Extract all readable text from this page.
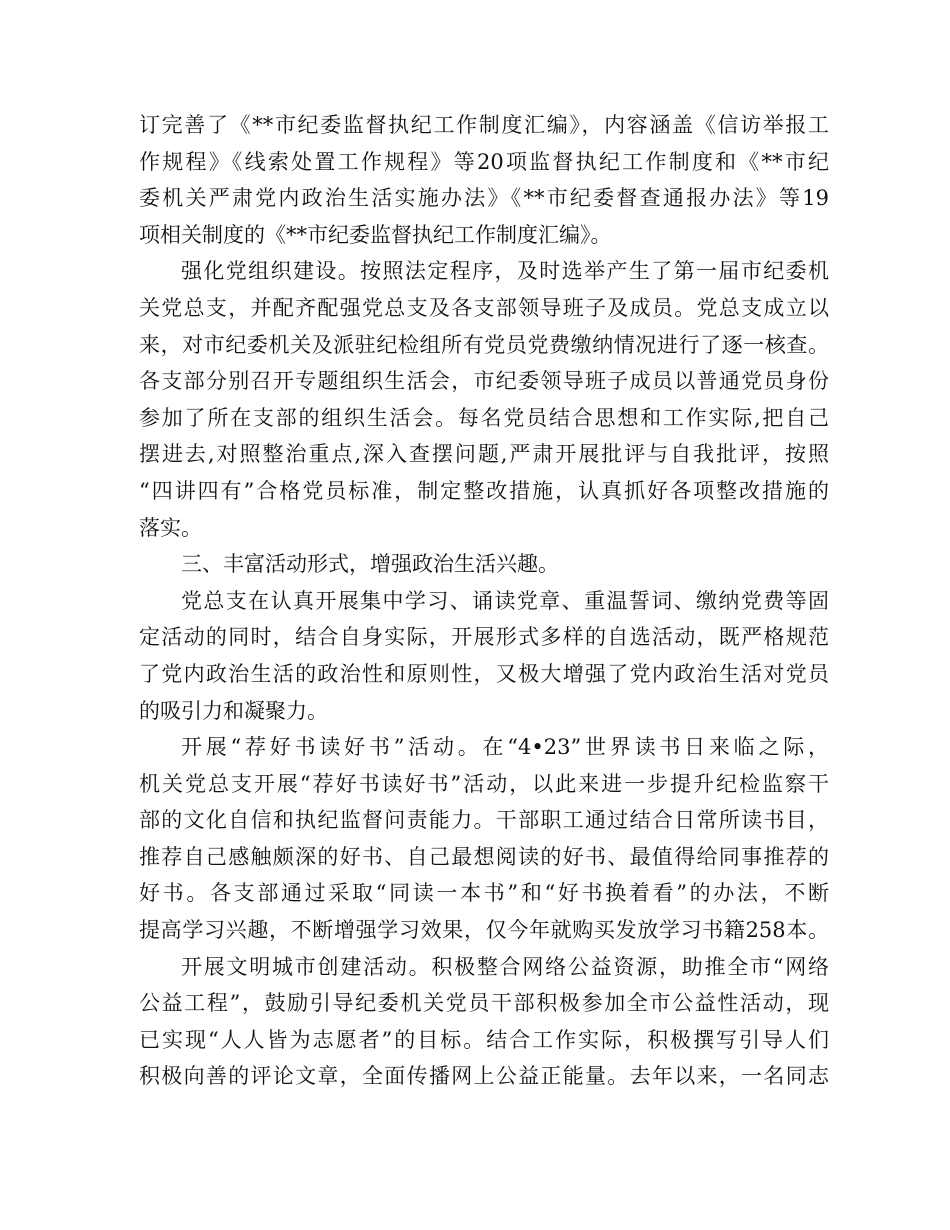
订完善了《**市纪委监督执纪工作制度汇编》，内容涵盖《信访举报工
作规程》《线索处置工作规程》等20项监督执纪工作制度和《**市纪
委机关严肃党内政治生活实施办法》《**市纪委督查通报办法》等19
项相关制度的《**市纪委监督执纪工作制度汇编》。
强化党组织建设。按照法定程序，及时选举产生了第一届市纪委机
关党总支，并配齐配强党总支及各支部领导班子及成员。党总支成立以
来，对市纪委机关及派驻纪检组所有党员党费缴纳情况进行了逐一核查。
各支部分别召开专题组织生活会，市纪委领导班子成员以普通党员身份
参加了所在支部的组织生活会。每名党员结合思想和工作实际,把自己
摆进去,对照整治重点,深入查摆问题,严肃开展批评与自我批评，按照
“四讲四有”合格党员标准，制定整改措施，认真抓好各项整改措施的
落实。
三、丰富活动形式，增强政治生活兴趣。
党总支在认真开展集中学习、诵读党章、重温誓词、缴纳党费等固
定活动的同时，结合自身实际，开展形式多样的自选活动，既严格规范
了党内政治生活的政治性和原则性，又极大增强了党内政治生活对党员
的吸引力和凝聚力。
开展“荐好书读好书”活动。在“4•23”世界读书日来临之际，
机关党总支开展“荐好书读好书”活动，以此来进一步提升纪检监察干
部的文化自信和执纪监督问责能力。干部职工通过结合日常所读书目，
推荐自己感触颇深的好书、自己最想阅读的好书、最值得给同事推荐的
好书。各支部通过采取“同读一本书”和“好书换着看”的办法，不断
提高学习兴趣，不断增强学习效果，仅今年就购买发放学习书籍258本。
开展文明城市创建活动。积极整合网络公益资源，助推全市“网络
公益工程”，鼓励引导纪委机关党员干部积极参加全市公益性活动，现
已实现“人人皆为志愿者”的目标。结合工作实际，积极撰写引导人们
积极向善的评论文章，全面传播网上公益正能量。去年以来，一名同志
